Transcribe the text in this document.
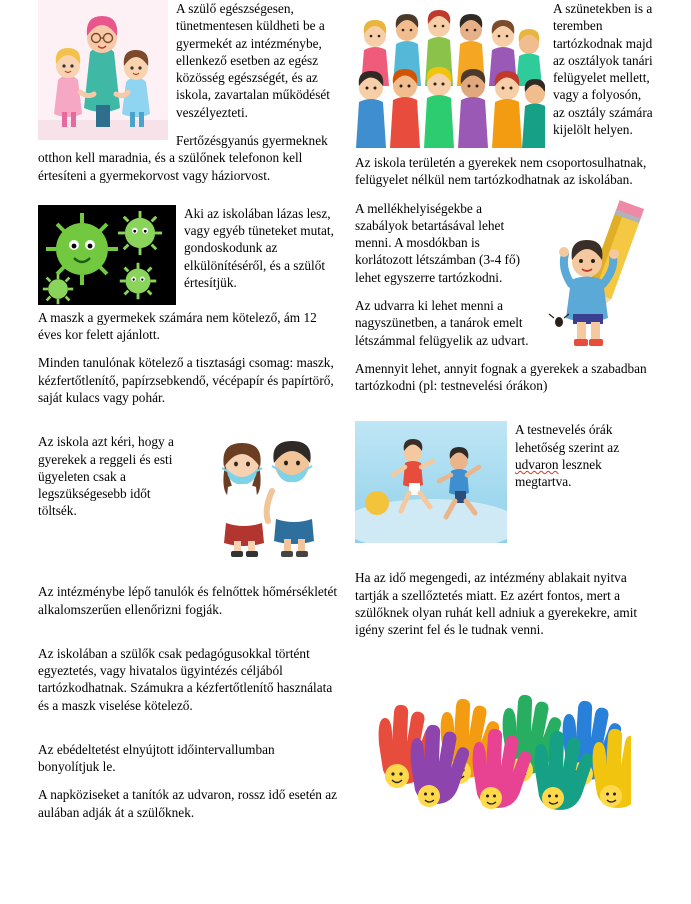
A szülő egészségesen, tünetmentesen küldheti be a gyermekét az intézménybe, ellenkező esetben az egész közösség egészségét, és az iskola, zavartalan működését veszélyezteti.

Fertőzésgyanús gyermeknek otthon kell maradnia, és a szülőnek telefonon kell értesíteni a gyermekorvost vagy háziorvost.

Aki az iskolában lázas lesz, vagy egyéb tüneteket mutat, gondoskodunk az elkülönítéséről, és a szülőt értesítjük.

A maszk a gyermekek számára nem kötelező, ám 12 éves kor felett ajánlott.

Minden tanulónak kötelező a tisztasági csomag: maszk, kézfertőtlenítő, papírzsebkendő, vécépapír és papírtörő, saját kulacs vagy pohár.

Az iskola azt kéri, hogy a gyerekek a reggeli és esti ügyeleten csak a legszükségesebb időt töltsék.

Az intézménybe lépő tanulók és felnőttek hőmérsékletét alkalomszerűen ellenőrizni fogják.

Az iskolában a szülők csak pedagógusokkal történt egyeztetés, vagy hivatalos ügyintézés céljából tartózkodhatnak. Számukra a kézfertőtlenítő használata és a maszk viselése kötelező.

Az ebédeltetést elnyújtott időintervallumban bonyolítjuk le.

A napköziseket a tanítók az udvaron, rossz idő esetén az aulában adják át a szülőknek.

A szünetekben is a teremben tartózkodnak majd az osztályok tanári felügyelet mellett, vagy a folyosón, az osztály számára kijelölt helyen.

Az iskola területén a gyerekek nem csoportosulhatnak, felügyelet nélkül nem tartózkodhatnak az iskolában.

A mellékhelyiségekbe a szabályok betartásával lehet menni. A mosdókban is korlátozott létszámban (3-4 fő) lehet egyszerre tartózkodni.

Az udvarra ki lehet menni a nagyszünetben, a tanárok emelt létszámmal felügyelik az udvart.

Amennyit lehet, annyit fognak a gyerekek a szabadban tartózkodni (pl: testnevelési órákon)

A testnevelés órák lehetőség szerint az udvaron lesznek megtartva.

Ha az idő megengedi, az intézmény ablakait nyitva tartják a szellőztetés miatt. Ez azért fontos, mert a szülőknek olyan ruhát kell adniuk a gyerekekre, amit igény szerint fel és le tudnak venni.
